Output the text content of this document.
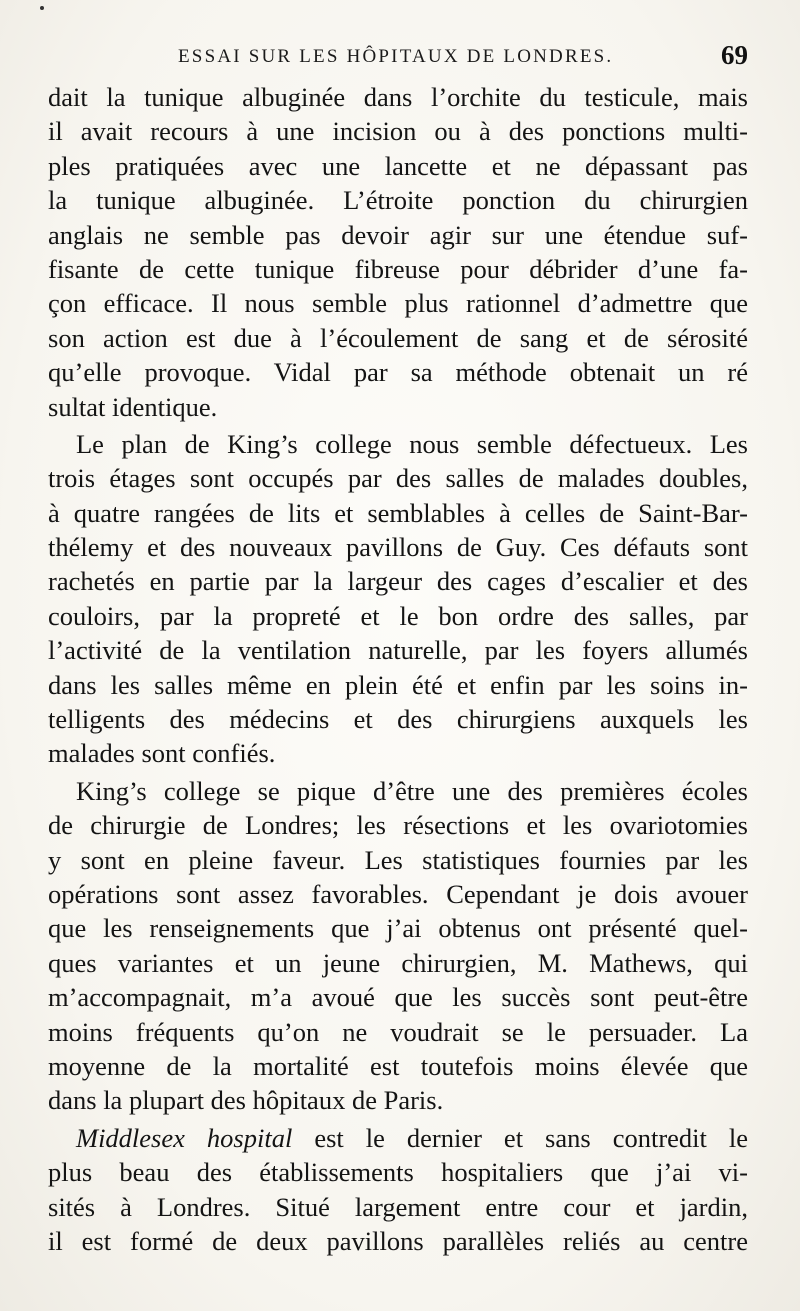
ESSAI SUR LES HÔPITAUX DE LONDRES.	69
dait la tunique albuginée dans l’orchite du testicule, mais
il avait recours à une incision ou à des ponctions multi-
ples pratiquées avec une lancette et ne dépassant pas
la tunique albuginée. L’étroite ponction du chirurgien
anglais ne semble pas devoir agir sur une étendue suf-
fisante de cette tunique fibreuse pour débrider d’une fa-
çon efficace. Il nous semble plus rationnel d’admettre que
son action est due à l’écoulement de sang et de sérosité
qu’elle provoque. Vidal par sa méthode obtenait un ré
sultat identique.
Le plan de King’s college nous semble défectueux. Les
trois étages sont occupés par des salles de malades doubles,
à quatre rangées de lits et semblables à celles de Saint-Bar-
thélemy et des nouveaux pavillons de Guy. Ces défauts sont
rachetés en partie par la largeur des cages d’escalier et des
couloirs, par la propreté et le bon ordre des salles, par
l’activité de la ventilation naturelle, par les foyers allumés
dans les salles même en plein été et enfin par les soins in-
telligents des médecins et des chirurgiens auxquels les
malades sont confiés.
King’s college se pique d’être une des premières écoles
de chirurgie de Londres; les résections et les ovariotomies
y sont en pleine faveur. Les statistiques fournies par les
opérations sont assez favorables. Cependant je dois avouer
que les renseignements que j’ai obtenus ont présenté quel-
ques variantes et un jeune chirurgien, M. Mathews, qui
m’accompagnait, m’a avoué que les succès sont peut-être
moins fréquents qu’on ne voudrait se le persuader. La
moyenne de la mortalité est toutefois moins élevée que
dans la plupart des hôpitaux de Paris.
Middlesex hospital est le dernier et sans contredit le
plus beau des établissements hospitaliers que j’ai vi-
sités à Londres. Situé largement entre cour et jardin,
il est formé de deux pavillons parallèles reliés au centre
